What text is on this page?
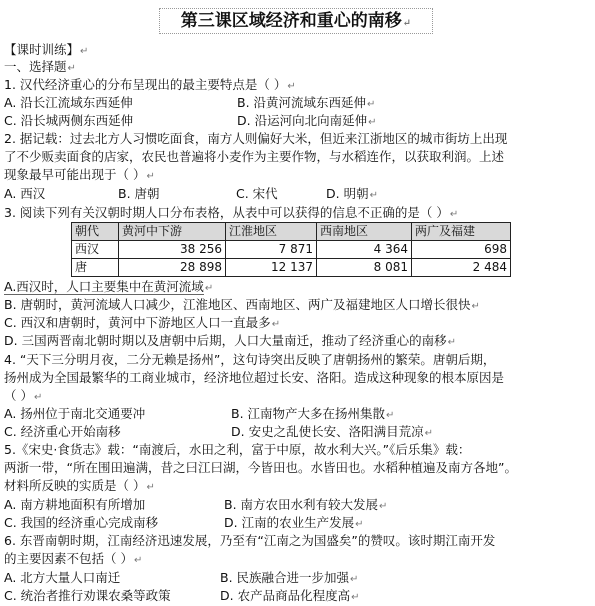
第三课区域经济和重心的南移↵
【课时训练】↵
一、选择题↵
1. 汉代经济重心的分布呈现出的最主要特点是（ ）↵
A. 沿长江流域东西延伸	B. 沿黄河流域东西延伸↵
C. 沿长城两侧东西延伸	D. 沿运河向北向南延伸↵
2. 据记载：过去北方人习惯吃面食，南方人则偏好大米，但近来江浙地区的城市街坊上出现
了不少贩卖面食的店家，农民也普遍将小麦作为主要作物，与水稻连作，以获取利润。上述
现象最早可能出现于（ ）↵
A. 西汉	B. 唐朝	C. 宋代	D. 明朝↵
3. 阅读下列有关汉朝时期人口分布表格，从表中可以获得的信息不正确的是（ ）↵
朝代	黄河中下游	江淮地区	西南地区	两广及福建
西汉	38 256	7 871	4 364	698
唐	28 898	12 137	8 081	2 484
A.西汉时，人口主要集中在黄河流域↵
B. 唐朝时，黄河流域人口减少，江淮地区、西南地区、两广及福建地区人口增长很快↵
C. 西汉和唐朝时，黄河中下游地区人口一直最多↵
D. 三国两晋南北朝时期以及唐朝中后期，人口大量南迁，推动了经济重心的南移↵
4. “天下三分明月夜，二分无赖是扬州”，这句诗突出反映了唐朝扬州的繁荣。唐朝后期，
扬州成为全国最繁华的工商业城市，经济地位超过长安、洛阳。造成这种现象的根本原因是
（ ）↵
A. 扬州位于南北交通要冲	B. 江南物产大多在扬州集散↵
C. 经济重心开始南移	D. 安史之乱使长安、洛阳满目荒凉↵
5.《宋史·食货志》载：“南渡后，水田之利，富于中原，故水利大兴。”《后乐集》载：
两浙一带，“所在围田遍满，昔之曰江曰湖，今皆田也。水皆田也。水稻种植遍及南方各地”。
材料所反映的实质是（ ）↵
A. 南方耕地面积有所增加	B. 南方农田水利有较大发展↵
C. 我国的经济重心完成南移	D. 江南的农业生产发展↵
6. 东晋南朝时期，江南经济迅速发展，乃至有“江南之为国盛矣”的赞叹。该时期江南开发
的主要因素不包括（ ）↵
A. 北方大量人口南迁	B. 民族融合进一步加强↵
C. 统治者推行劝课农桑等政策	D. 农产品商品化程度高↵
